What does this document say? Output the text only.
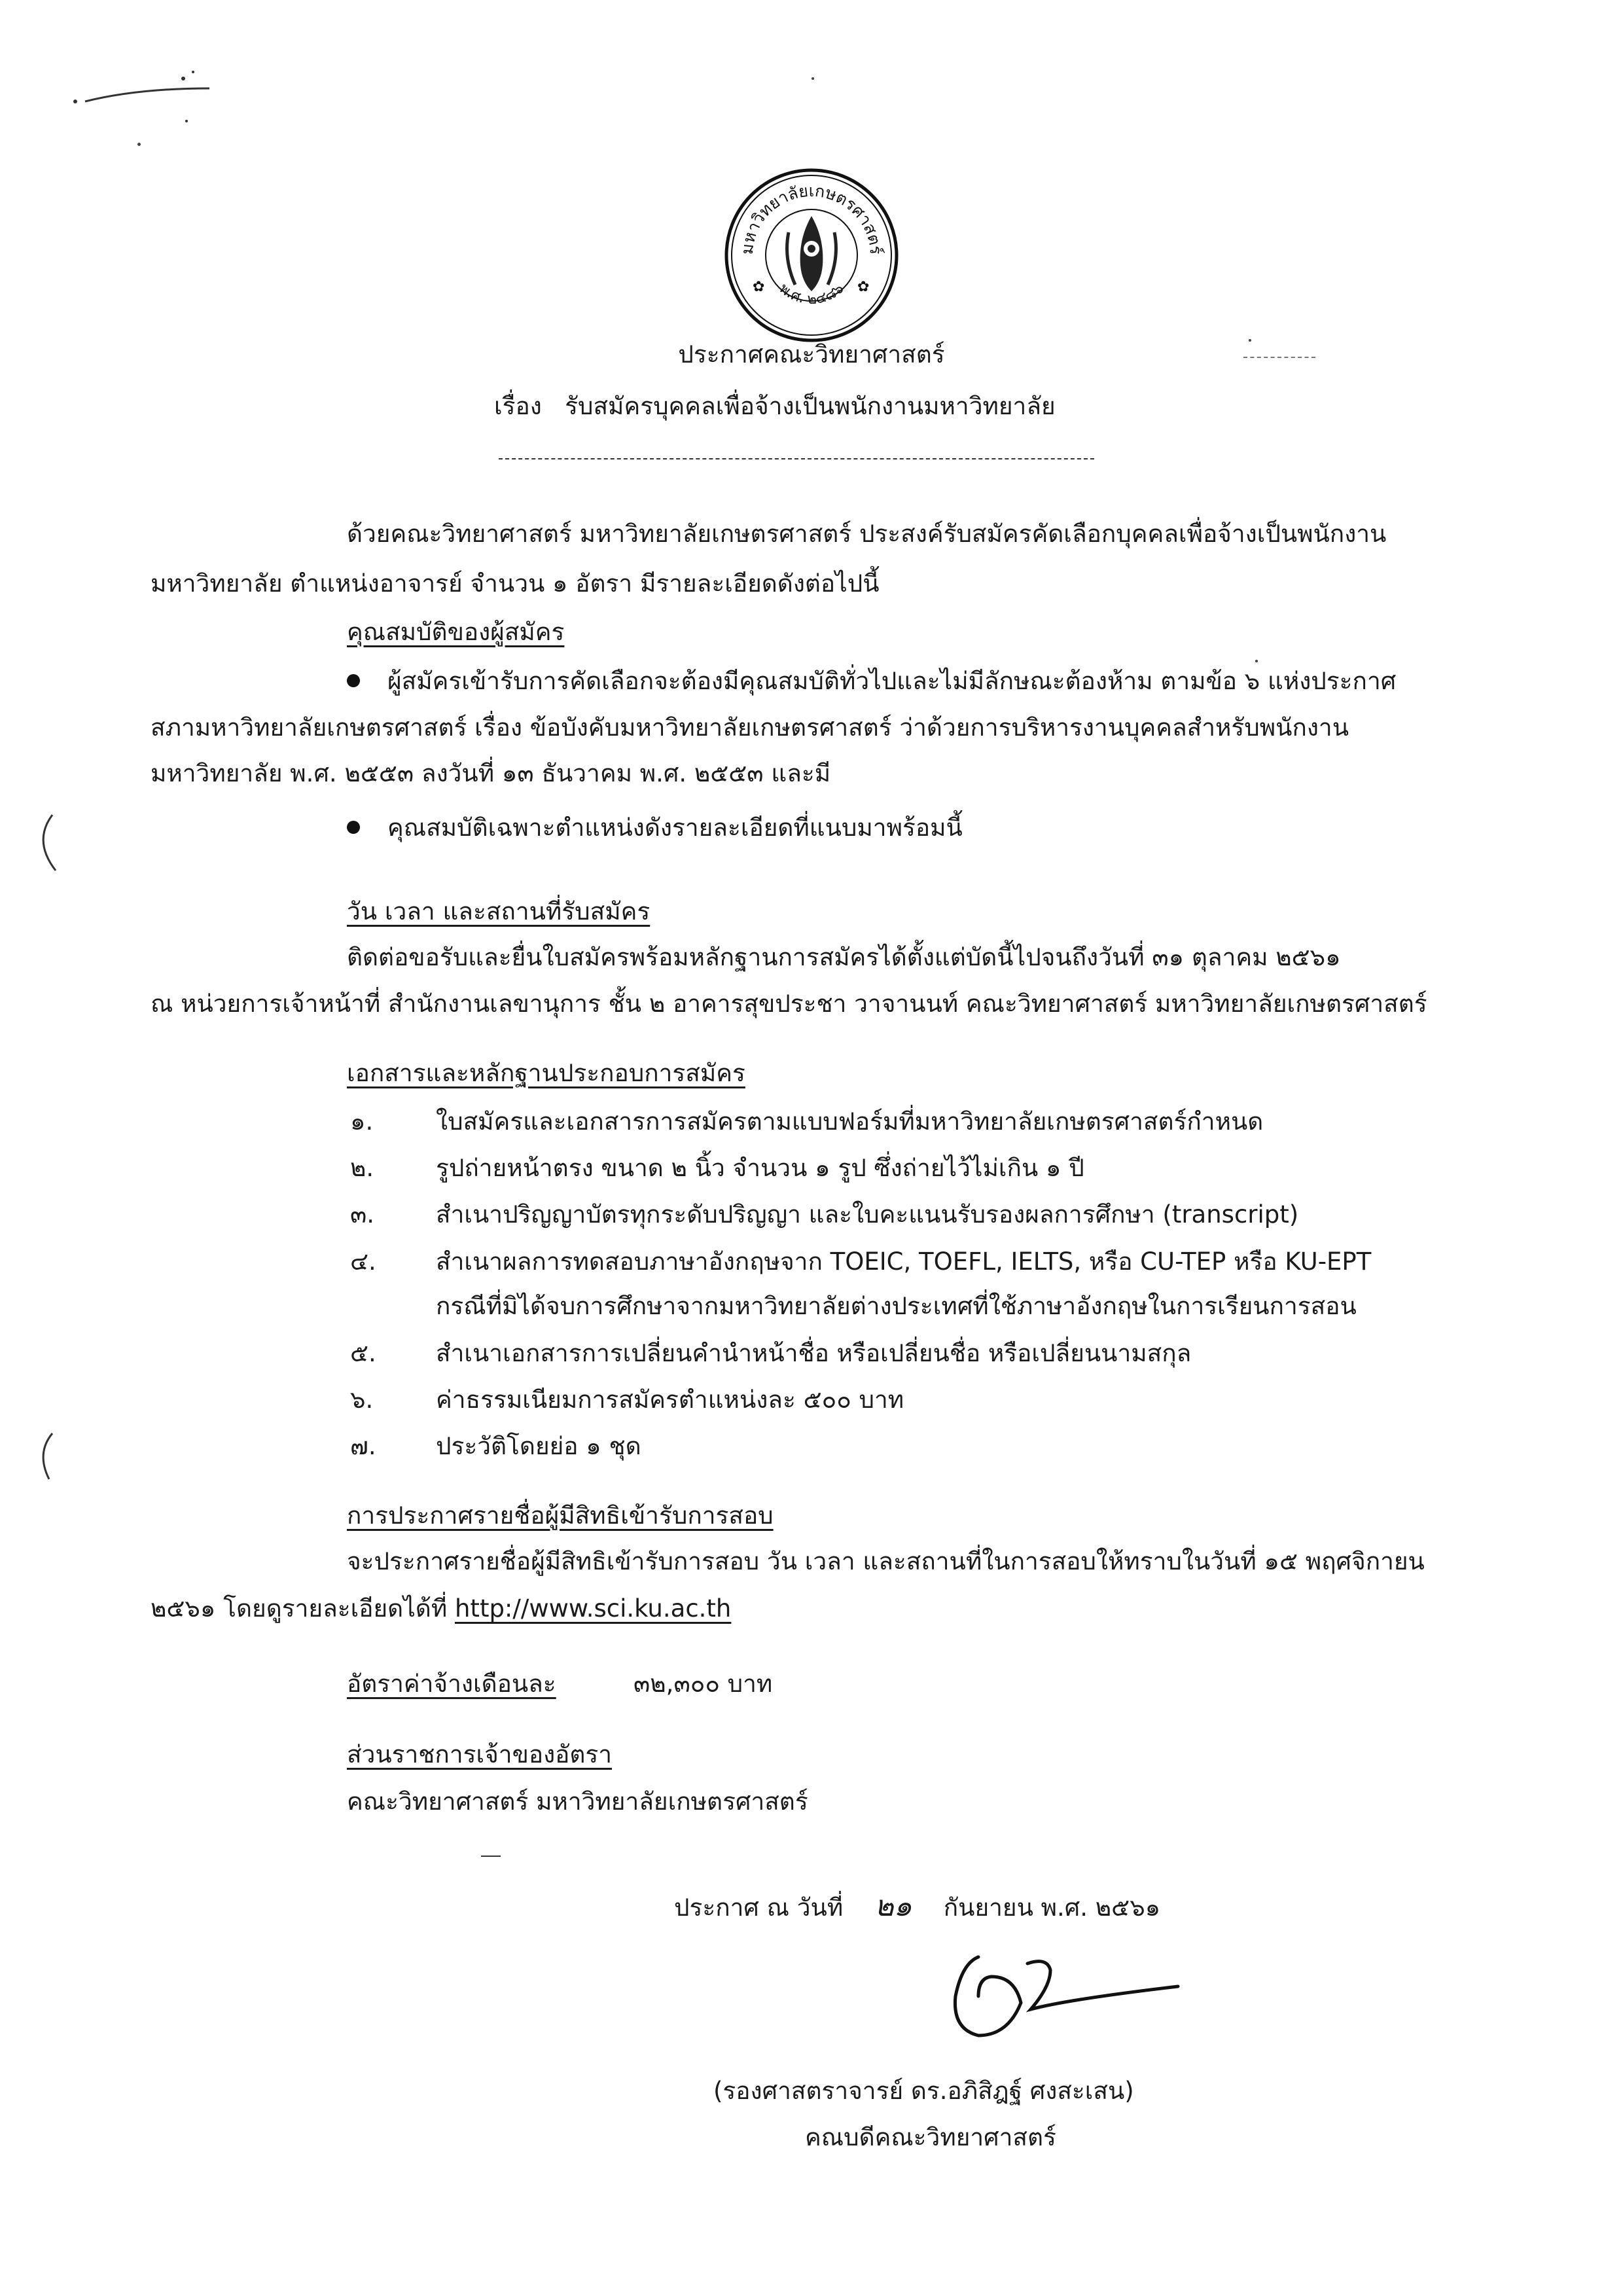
มหาวิทยาลัยเกษตรศาสตร์
พ.ศ. ๒๔๘๖
✿	✿
ประกาศคณะวิทยาศาสตร์
เรื่อง รับสมัครบุคคลเพื่อจ้างเป็นพนักงานมหาวิทยาลัย
ด้วยคณะวิทยาศาสตร์ มหาวิทยาลัยเกษตรศาสตร์ ประสงค์รับสมัครคัดเลือกบุคคลเพื่อจ้างเป็นพนักงาน
มหาวิทยาลัย ตำแหน่งอาจารย์ จำนวน ๑ อัตรา มีรายละเอียดดังต่อไปนี้
คุณสมบัติของผู้สมัคร
ผู้สมัครเข้ารับการคัดเลือกจะต้องมีคุณสมบัติทั่วไปและไม่มีลักษณะต้องห้าม ตามข้อ ๖ แห่งประกาศ
สภามหาวิทยาลัยเกษตรศาสตร์ เรื่อง ข้อบังคับมหาวิทยาลัยเกษตรศาสตร์ ว่าด้วยการบริหารงานบุคคลสำหรับพนักงาน
มหาวิทยาลัย พ.ศ. ๒๕๕๓ ลงวันที่ ๑๓ ธันวาคม พ.ศ. ๒๕๕๓ และมี
คุณสมบัติเฉพาะตำแหน่งดังรายละเอียดที่แนบมาพร้อมนี้
วัน เวลา และสถานที่รับสมัคร
ติดต่อขอรับและยื่นใบสมัครพร้อมหลักฐานการสมัครได้ตั้งแต่บัดนี้ไปจนถึงวันที่ ๓๑ ตุลาคม ๒๕๖๑
ณ หน่วยการเจ้าหน้าที่ สำนักงานเลขานุการ ชั้น ๒ อาคารสุขประชา วาจานนท์ คณะวิทยาศาสตร์ มหาวิทยาลัยเกษตรศาสตร์
เอกสารและหลักฐานประกอบการสมัคร
๑.	ใบสมัครและเอกสารการสมัครตามแบบฟอร์มที่มหาวิทยาลัยเกษตรศาสตร์กำหนด
๒.	รูปถ่ายหน้าตรง ขนาด ๒ นิ้ว จำนวน ๑ รูป ซึ่งถ่ายไว้ไม่เกิน ๑ ปี
๓.	สำเนาปริญญาบัตรทุกระดับปริญญา และใบคะแนนรับรองผลการศึกษา (transcript)
๔.	สำเนาผลการทดสอบภาษาอังกฤษจาก TOEIC, TOEFL, IELTS, หรือ CU-TEP หรือ KU-EPT
กรณีที่มิได้จบการศึกษาจากมหาวิทยาลัยต่างประเทศที่ใช้ภาษาอังกฤษในการเรียนการสอน
๕.	สำเนาเอกสารการเปลี่ยนคำนำหน้าชื่อ หรือเปลี่ยนชื่อ หรือเปลี่ยนนามสกุล
๖.	ค่าธรรมเนียมการสมัครตำแหน่งละ ๕๐๐ บาท
๗.	ประวัติโดยย่อ ๑ ชุด
การประกาศรายชื่อผู้มีสิทธิเข้ารับการสอบ
จะประกาศรายชื่อผู้มีสิทธิเข้ารับการสอบ วัน เวลา และสถานที่ในการสอบให้ทราบในวันที่ ๑๕ พฤศจิกายน
๒๕๖๑ โดยดูรายละเอียดได้ที่ http://www.sci.ku.ac.th
อัตราค่าจ้างเดือนละ	๓๒,๓๐๐ บาท
ส่วนราชการเจ้าของอัตรา
คณะวิทยาศาสตร์ มหาวิทยาลัยเกษตรศาสตร์
ประกาศ ณ วันที่ ๒๑ กันยายน พ.ศ. ๒๕๖๑
(รองศาสตราจารย์ ดร.อภิสิฎฐ์ ศงสะเสน)
คณบดีคณะวิทยาศาสตร์
